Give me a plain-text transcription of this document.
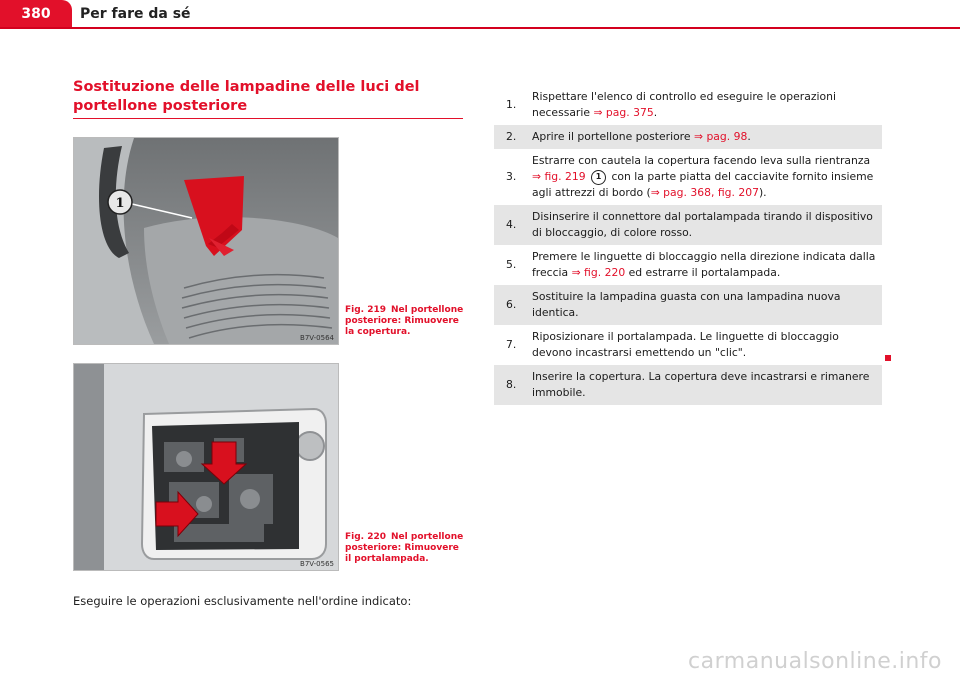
380	Per fare da sé
Sostituzione delle lampadine delle luci del portellone posteriore
1
B7V-0564
Fig. 219 Nel portellone posteriore: Rimuovere la copertura.
B7V-0565
Fig. 220 Nel portellone posteriore: Rimuovere il portalampada.
Eseguire le operazioni esclusivamente nell'ordine indicato:
1.
Rispettare l'elenco di controllo ed eseguire le operazioni necessarie ⇒ pag. 375.
2.	Aprire il portellone posteriore ⇒ pag. 98.
3.
Estrarre con cautela la copertura facendo leva sulla rientranza ⇒ fig. 219 1 con la parte piatta del cacciavite fornito insieme agli attrezzi di bordo (⇒ pag. 368, fig. 207).
4.
Disinserire il connettore dal portalampada tirando il dispositivo di bloccaggio, di colore rosso.
5.
Premere le linguette di bloccaggio nella direzione indicata dalla freccia ⇒ fig. 220 ed estrarre il portalampada.
6.
Sostituire la lampadina guasta con una lampadina nuova identica.
7.
Riposizionare il portalampada. Le linguette di bloccaggio devono incastrarsi emettendo un "clic".
8.
Inserire la copertura. La copertura deve incastrarsi e rimanere immobile.
carmanualsonline.info
